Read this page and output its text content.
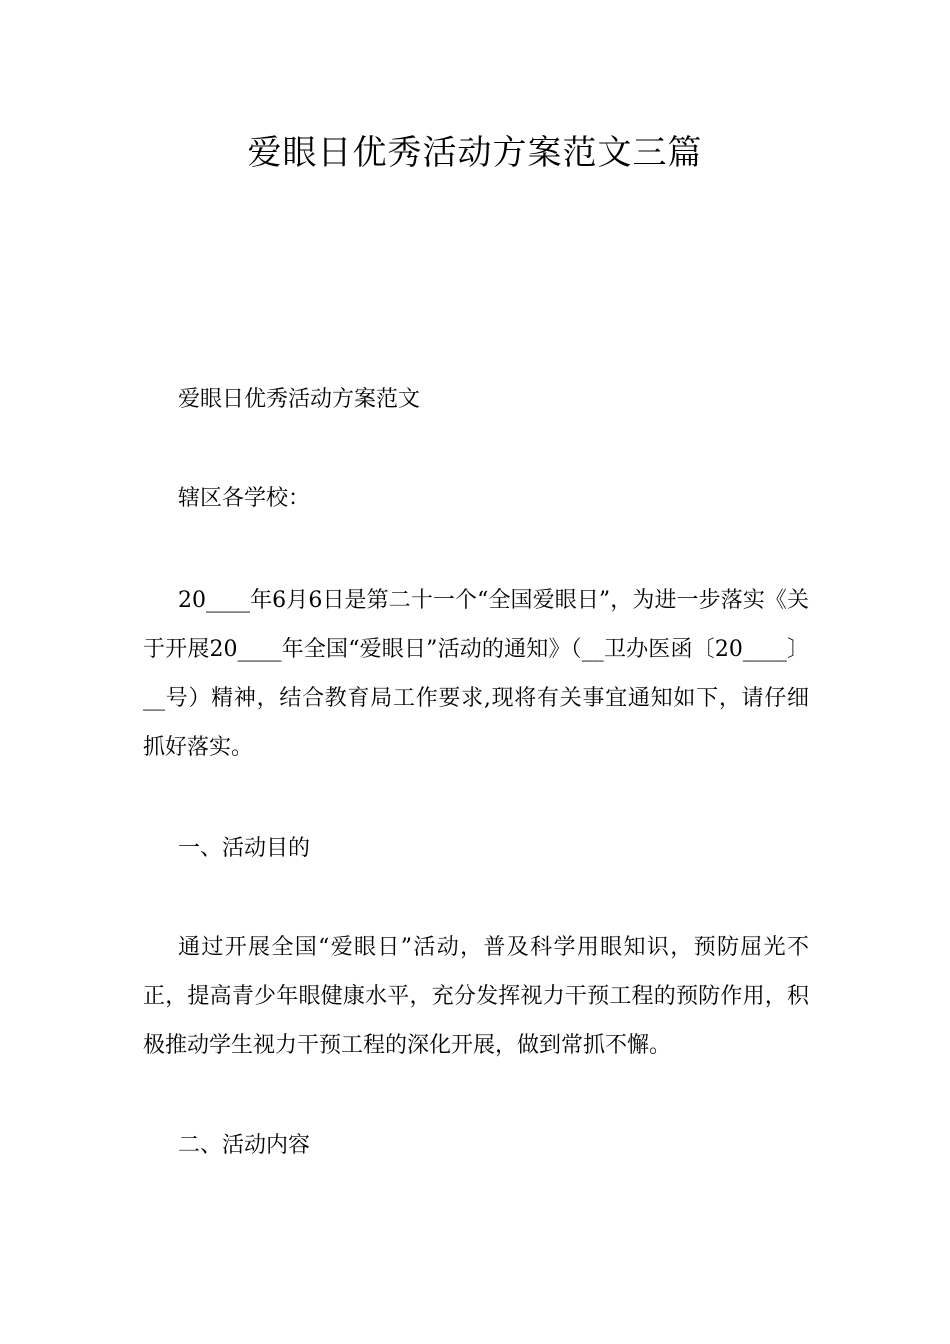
爱眼日优秀活动方案范文三篇

爱眼日优秀活动方案范文

辖区各学校：

20____年6月6日是第二十一个“全国爱眼日”，为进一步落实《关于开展20____年全国“爱眼日”活动的通知》（__卫办医函〔20____〕__号）精神，结合教育局工作要求,现将有关事宜通知如下，请仔细抓好落实。

一、活动目的

通过开展全国“爱眼日”活动，普及科学用眼知识，预防屈光不正，提高青少年眼健康水平，充分发挥视力干预工程的预防作用，积极推动学生视力干预工程的深化开展，做到常抓不懈。

二、活动内容
